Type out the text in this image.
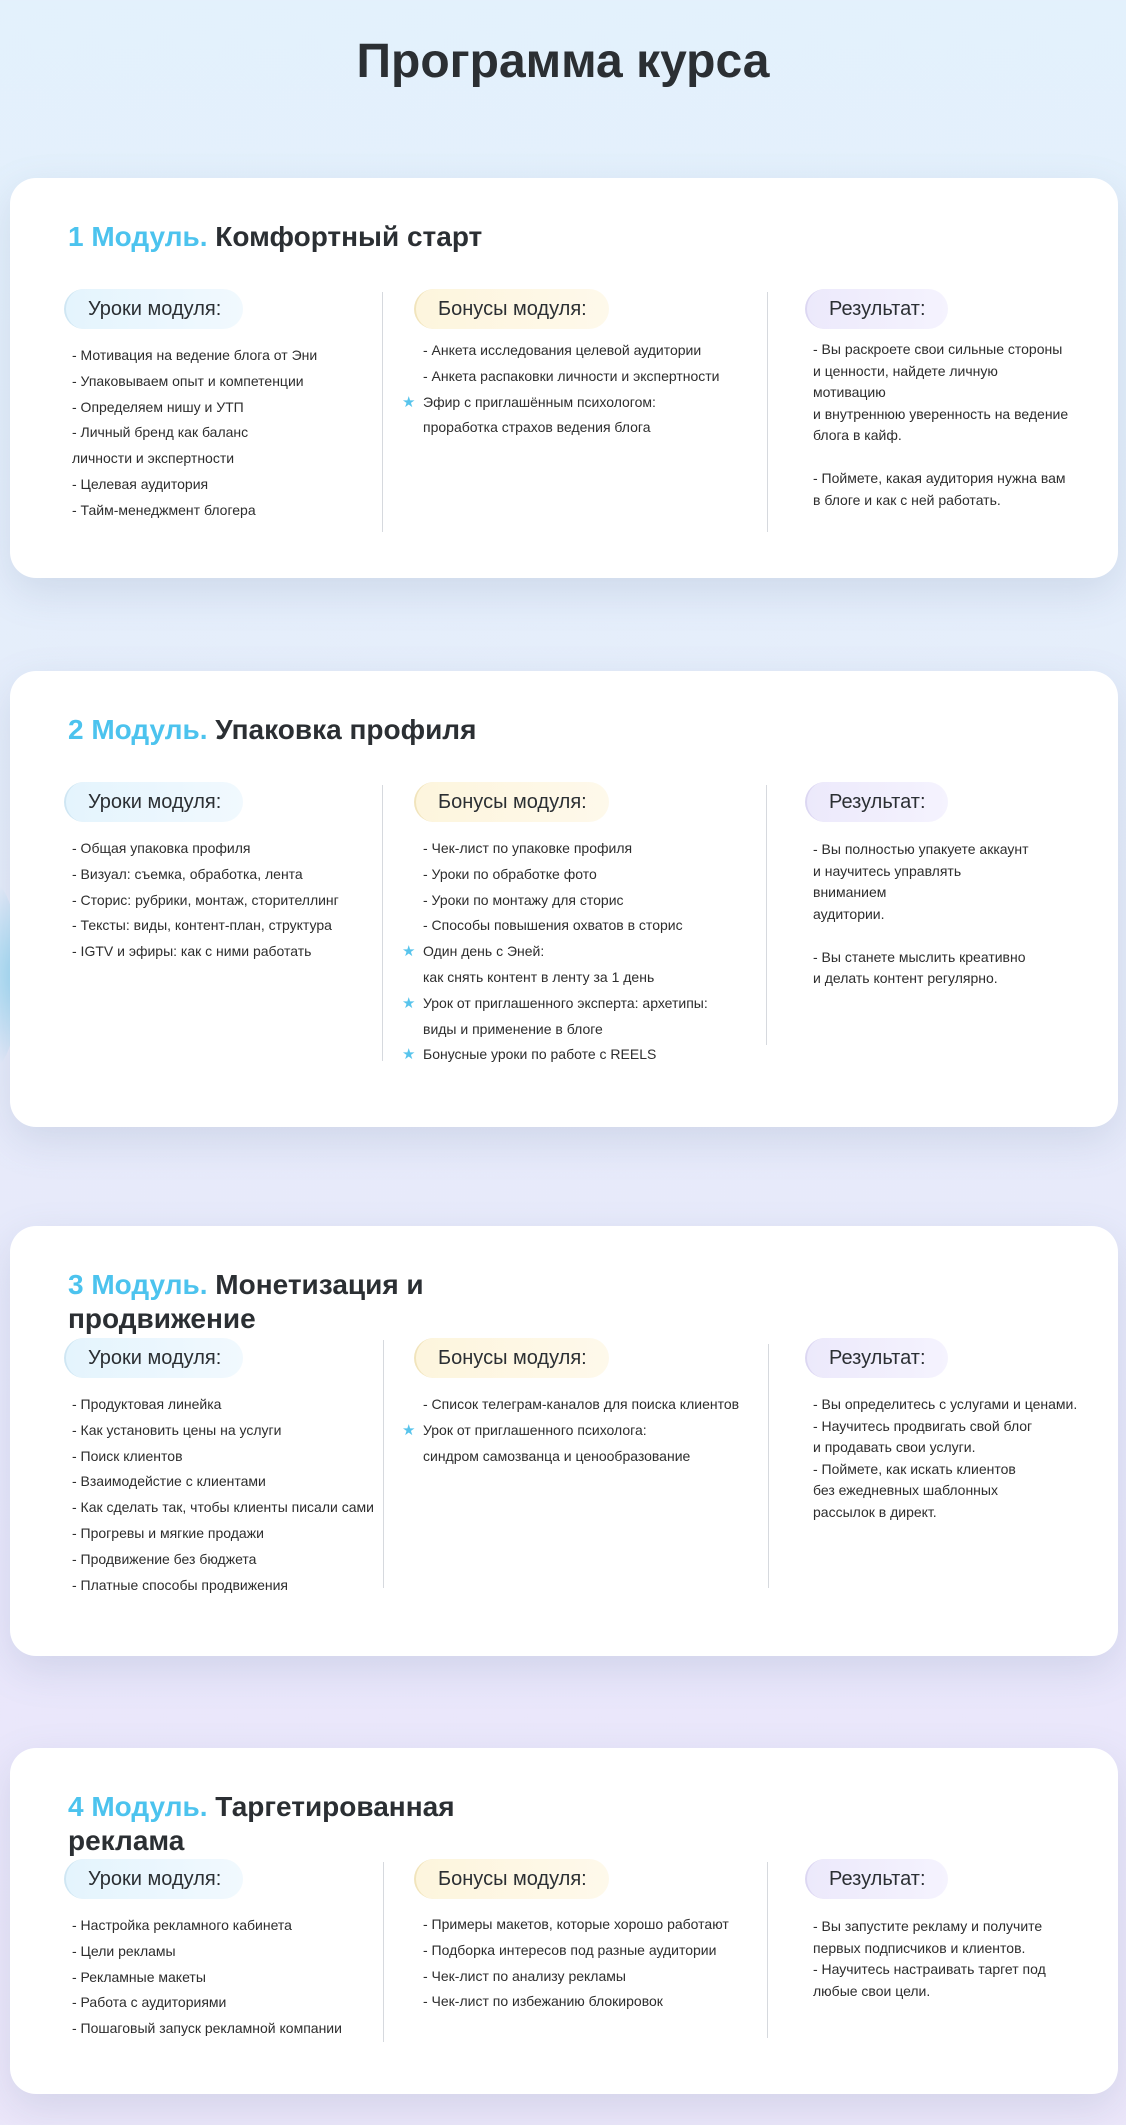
Программа курса
1 Модуль. Комфортный старт
Уроки модуля:
- Мотивация на ведение блога от Эни
- Упаковываем опыт и компетенции
- Определяем нишу и УТП
- Личный бренд как баланс
личности и экспертности
- Целевая аудитория
- Тайм-менеджмент блогера
Бонусы модуля:
- Анкета исследования целевой аудитории
- Анкета распаковки личности и экспертности
★ Эфир с приглашённым психологом:
проработка страхов ведения блога
Результат:

- Вы раскроете свои сильные стороны
и ценности, найдете личную
мотивацию
и внутреннюю уверенность на ведение
блога в кайф.

- Поймете, какая аудитория нужна вам
в блоге и как с ней работать.

2 Модуль. Упаковка профиля
Уроки модуля:
- Общая упаковка профиля
- Визуал: съемка, обработка, лента
- Сторис: рубрики, монтаж, сторителлинг
- Тексты: виды, контент-план, структура
- IGTV и эфиры: как с ними работать
Бонусы модуля:
- Чек-лист по упаковке профиля
- Уроки по обработке фото
- Уроки по монтажу для сторис
- Способы повышения охватов в сторис
★ Один день с Эней:
как снять контент в ленту за 1 день
★ Урок от приглашенного эксперта: архетипы:
виды и применение в блоге
★ Бонусные уроки по работе с REELS
Результат:

- Вы полностью упакуете аккаунт
и научитесь управлять
вниманием
аудитории.

- Вы станете мыслить креативно
и делать контент регулярно.

3 Модуль. Монетизация и продвижение
Уроки модуля:
- Продуктовая линейка
- Как установить цены на услуги
- Поиск клиентов
- Взаимодейстие с клиентами
- Как сделать так, чтобы клиенты писали сами
- Прогревы и мягкие продажи
- Продвижение без бюджета
- Платные способы продвижения
Бонусы модуля:
- Список телеграм-каналов для поиска клиентов
★ Урок от приглашенного психолога:
синдром самозванца и ценообразование
Результат:

- Вы определитесь с услугами и ценами.
- Научитесь продвигать свой блог
и продавать свои услуги.
- Поймете, как искать клиентов
без ежедневных шаблонных
рассылок в директ.

4 Модуль. Таргетированная реклама
Уроки модуля:
- Настройка рекламного кабинета
- Цели рекламы
- Рекламные макеты
- Работа с аудиториями
- Пошаговый запуск рекламной компании
Бонусы модуля:
- Примеры макетов, которые хорошо работают
- Подборка интересов под разные аудитории
- Чек-лист по анализу рекламы
- Чек-лист по избежанию блокировок
Результат:

- Вы запустите рекламу и получите
первых подписчиков и клиентов.
- Научитесь настраивать таргет под
любые свои цели.
